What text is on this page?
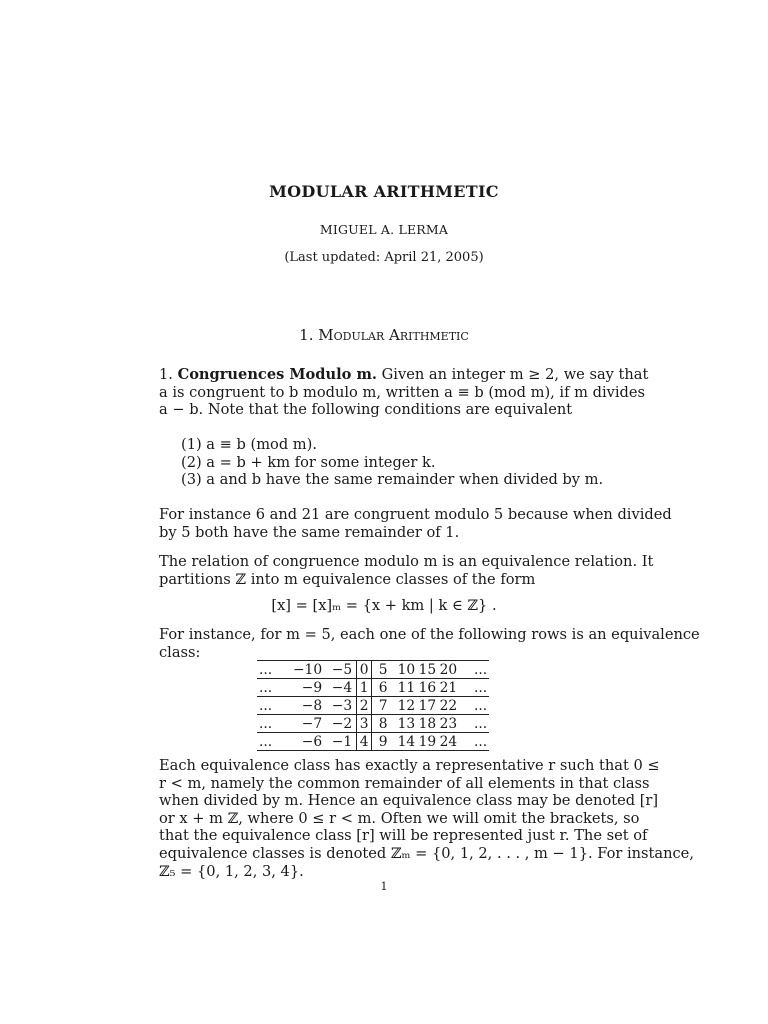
MODULAR ARITHMETIC
MIGUEL A. LERMA
(Last updated: April 21, 2005)
1. Modular Arithmetic
1. Congruences Modulo m. Given an integer m ≥ 2, we say that
a is congruent to b modulo m, written a ≡ b (mod m), if m divides
a − b. Note that the following conditions are equivalent
(1) a ≡ b (mod m).
(2) a = b + km for some integer k.
(3) a and b have the same remainder when divided by m.
For instance 6 and 21 are congruent modulo 5 because when divided
by 5 both have the same remainder of 1.
The relation of congruence modulo m is an equivalence relation. It
partitions ℤ into m equivalence classes of the form
[x] = [x]ₘ = {x + km | k ∈ ℤ} .
For instance, for m = 5, each one of the following rows is an equivalence
class:
...	−10	−5	0	5	10	15	20	...
...	−9	−4	1	6	11	16	21	...
...	−8	−3	2	7	12	17	22	...
...	−7	−2	3	8	13	18	23	...
...	−6	−1	4	9	14	19	24	...
Each equivalence class has exactly a representative r such that 0 ≤
r < m, namely the common remainder of all elements in that class
when divided by m. Hence an equivalence class may be denoted [r]
or x + m ℤ, where 0 ≤ r < m. Often we will omit the brackets, so
that the equivalence class [r] will be represented just r. The set of
equivalence classes is denoted ℤₘ = {0, 1, 2, . . . , m − 1}. For instance,
ℤ₅ = {0, 1, 2, 3, 4}.
1
